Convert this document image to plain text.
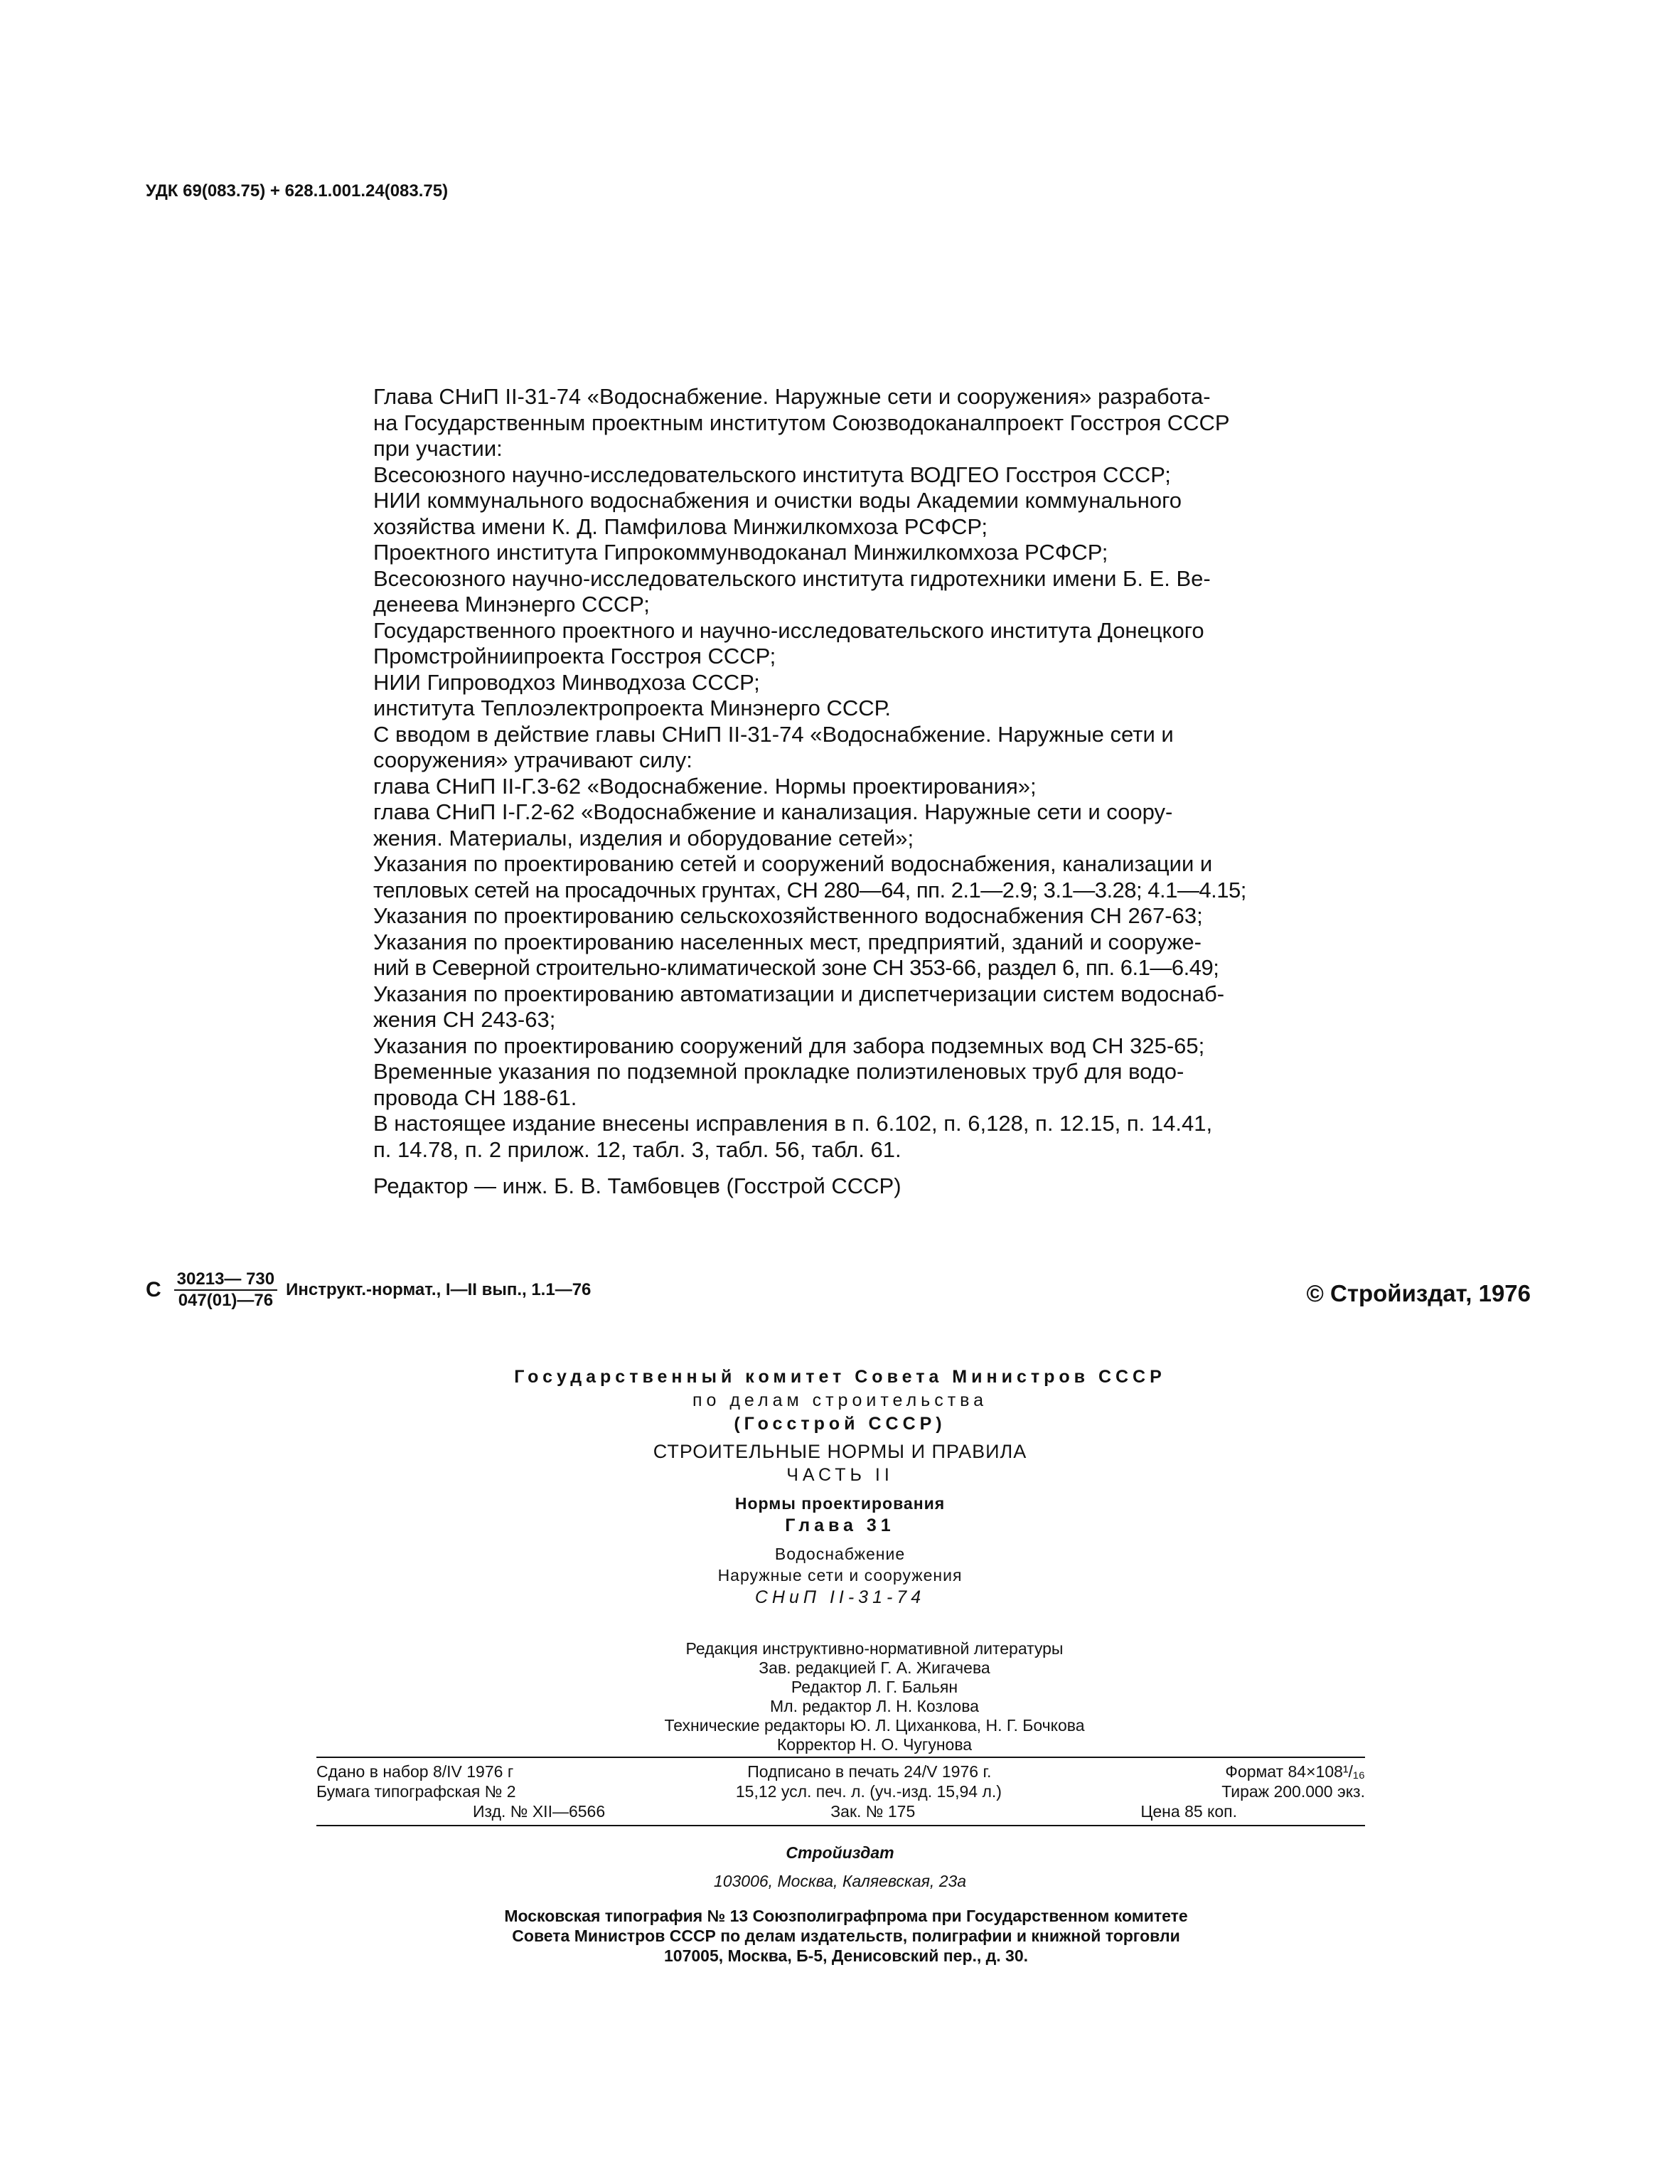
УДК 69(083.75) + 628.1.001.24(083.75)

Глава СНиП II-31-74 «Водоснабжение. Наружные сети и сооружения» разработа-

на Государственным проектным институтом Союзводоканалпроект Госстроя СССР

при участии:

Всесоюзного научно-исследовательского института ВОДГЕО Госстроя СССР;

НИИ коммунального водоснабжения и очистки воды Академии коммунального

хозяйства имени К. Д. Памфилова Минжилкомхоза РСФСР;

Проектного института Гипрокоммунводоканал Минжилкомхоза РСФСР;

Всесоюзного научно-исследовательского института гидротехники имени Б. Е. Ве-

денеева Минэнерго СССР;

Государственного проектного и научно-исследовательского института Донецкого

Промстройниипроекта Госстроя СССР;

НИИ Гипроводхоз Минводхоза СССР;

института Теплоэлектропроекта Минэнерго СССР.

С вводом в действие главы СНиП II-31-74 «Водоснабжение. Наружные сети и

сооружения» утрачивают силу:

глава СНиП II-Г.3-62 «Водоснабжение. Нормы проектирования»;

глава СНиП I-Г.2-62 «Водоснабжение и канализация. Наружные сети и соору-

жения. Материалы, изделия и оборудование сетей»;

Указания по проектированию сетей и сооружений водоснабжения, канализации и

тепловых сетей на просадочных грунтах, СН 280—64, пп. 2.1—2.9; 3.1—3.28; 4.1—4.15;

Указания по проектированию сельскохозяйственного водоснабжения СН 267-63;

Указания по проектированию населенных мест, предприятий, зданий и сооруже-

ний в Северной строительно-климатической зоне СН 353-66, раздел 6, пп. 6.1—6.49;

Указания по проектированию автоматизации и диспетчеризации систем водоснаб-

жения СН 243-63;

Указания по проектированию сооружений для забора подземных вод СН 325-65;

Временные указания по подземной прокладке полиэтиленовых труб для водо-

провода СН 188-61.

В настоящее издание внесены исправления в п. 6.102, п. 6,128, п. 12.15, п. 14.41,

п. 14.78, п. 2 прилож. 12, табл. 3, табл. 56, табл. 61.

Редактор — инж. Б. В. Тамбовцев (Госстрой СССР)
С $\frac{30213— 730}{047(01)—76}$ Инструкт.-нормат., I—II вып., 1.1—76	© Стройиздат, 1976
Государственный комитет Совета Министров СССР
по делам строительства
(Госстрой СССР)
СТРОИТЕЛЬНЫЕ НОРМЫ И ПРАВИЛА
ЧАСТЬ II
Нормы проектирования
Глава 31
Водоснабжение
Наружные сети и сооружения
СНиП II-31-74
Редакция инструктивно-нормативной литературы
Зав. редакцией Г. А. Жигачева
Редактор Л. Г. Бальян
Мл. редактор Л. Н. Козлова
Технические редакторы Ю. Л. Циханкова, Н. Г. Бочкова
Корректор Н. О. Чугунова
Сдано в набор 8/IV 1976 г	Подписано в печать 24/V 1976 г.	Формат 84×108¹/₁₆
Бумага типографская № 2	15,12 усл. печ. л. (уч.-изд. 15,94 л.)	Тираж 200.000 экз.
Изд. № XII—6566	Зак. № 175	Цена 85 коп.
Стройиздат
103006, Москва, Каляевская, 23а
Московская типография № 13 Союзполиграфпрома при Государственном комитете
Совета Министров СССР по делам издательств, полиграфии и книжной торговли
107005, Москва, Б-5, Денисовский пер., д. 30.
